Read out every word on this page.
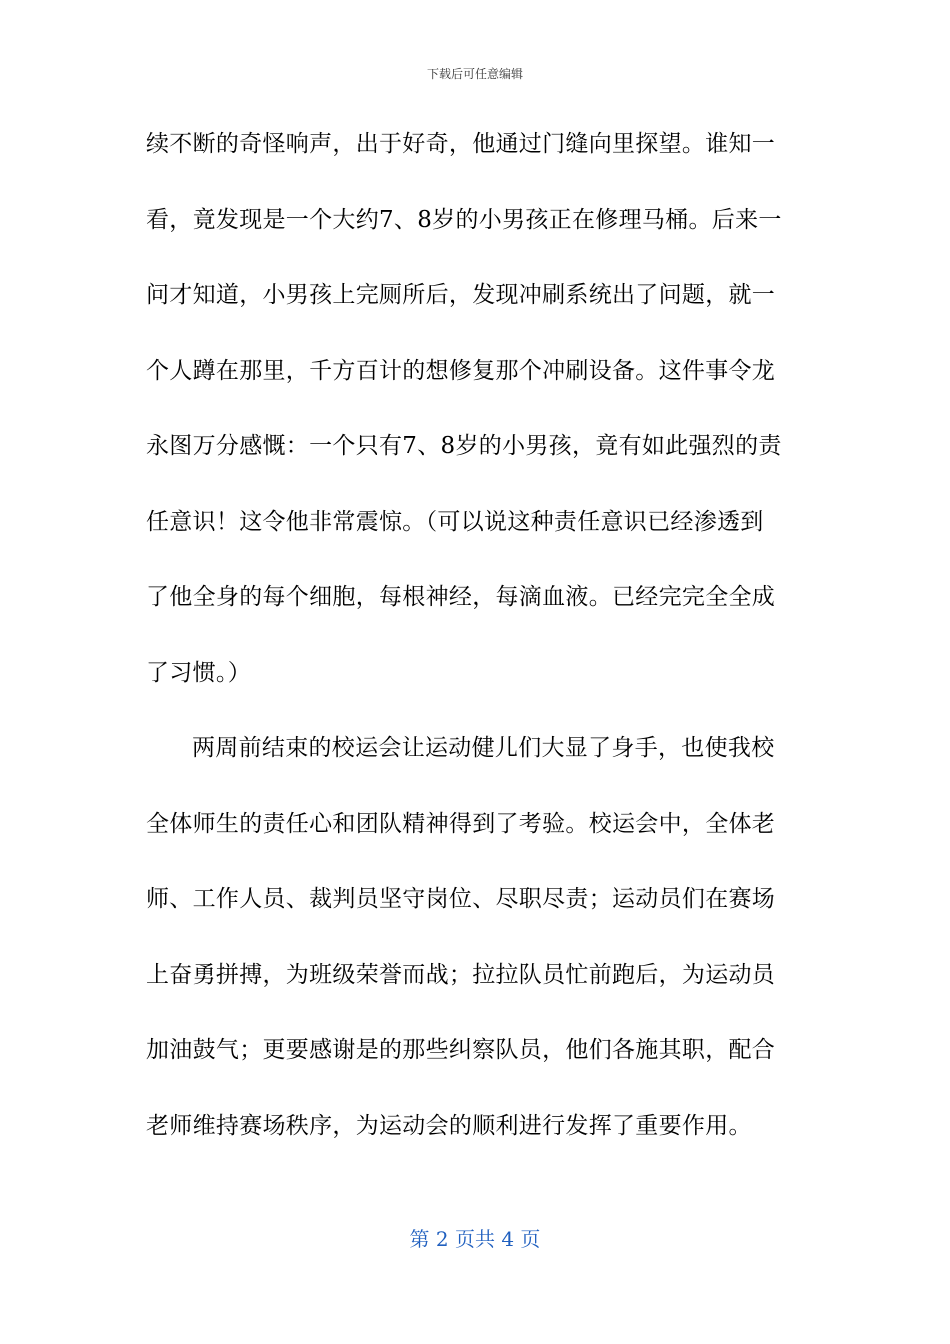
下载后可任意编辑
续不断的奇怪响声，出于好奇，他通过门缝向里探望。谁知一
看，竟发现是一个大约7、8岁的小男孩正在修理马桶。后来一
问才知道，小男孩上完厕所后，发现冲刷系统出了问题，就一
个人蹲在那里，千方百计的想修复那个冲刷设备。这件事令龙
永图万分感慨：一个只有7、8岁的小男孩，竟有如此强烈的责
任意识！这令他非常震惊。（可以说这种责任意识已经渗透到
了他全身的每个细胞，每根神经，每滴血液。已经完完全全成
了习惯。）
两周前结束的校运会让运动健儿们大显了身手，也使我校
全体师生的责任心和团队精神得到了考验。校运会中，全体老
师、工作人员、裁判员坚守岗位、尽职尽责；运动员们在赛场
上奋勇拼搏，为班级荣誉而战；拉拉队员忙前跑后，为运动员
加油鼓气；更要感谢是的那些纠察队员，他们各施其职，配合
老师维持赛场秩序，为运动会的顺利进行发挥了重要作用。
第 2 页共 4 页
